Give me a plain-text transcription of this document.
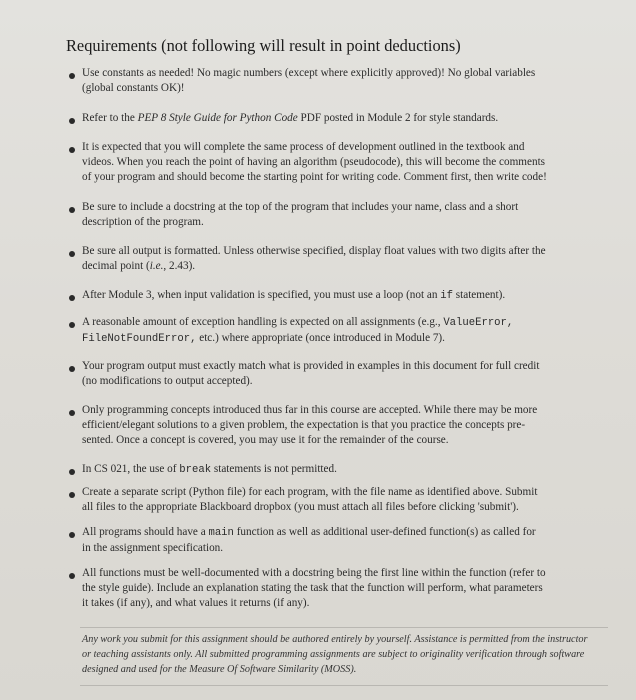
Requirements (not following will result in point deductions)
Use constants as needed! No magic numbers (except where explicitly approved)! No global variables
(global constants OK)!
Refer to the PEP 8 Style Guide for Python Code PDF posted in Module 2 for style standards.
It is expected that you will complete the same process of development outlined in the textbook and
videos. When you reach the point of having an algorithm (pseudocode), this will become the comments
of your program and should become the starting point for writing code. Comment first, then write code!
Be sure to include a docstring at the top of the program that includes your name, class and a short
description of the program.
Be sure all output is formatted. Unless otherwise specified, display float values with two digits after the
decimal point (i.e., 2.43).
After Module 3, when input validation is specified, you must use a loop (not an if statement).
A reasonable amount of exception handling is expected on all assignments (e.g., ValueError,
FileNotFoundError, etc.) where appropriate (once introduced in Module 7).
Your program output must exactly match what is provided in examples in this document for full credit
(no modifications to output accepted).
Only programming concepts introduced thus far in this course are accepted. While there may be more
efficient/elegant solutions to a given problem, the expectation is that you practice the concepts pre-
sented. Once a concept is covered, you may use it for the remainder of the course.
In CS 021, the use of break statements is not permitted.
Create a separate script (Python file) for each program, with the file name as identified above. Submit
all files to the appropriate Blackboard dropbox (you must attach all files before clicking 'submit').
All programs should have a main function as well as additional user-defined function(s) as called for
in the assignment specification.
All functions must be well-documented with a docstring being the first line within the function (refer to
the style guide). Include an explanation stating the task that the function will perform, what parameters
it takes (if any), and what values it returns (if any).
Any work you submit for this assignment should be authored entirely by yourself. Assistance is permitted from the instructor
or teaching assistants only. All submitted programming assignments are subject to originality verification through software
designed and used for the Measure Of Software Similarity (MOSS).
